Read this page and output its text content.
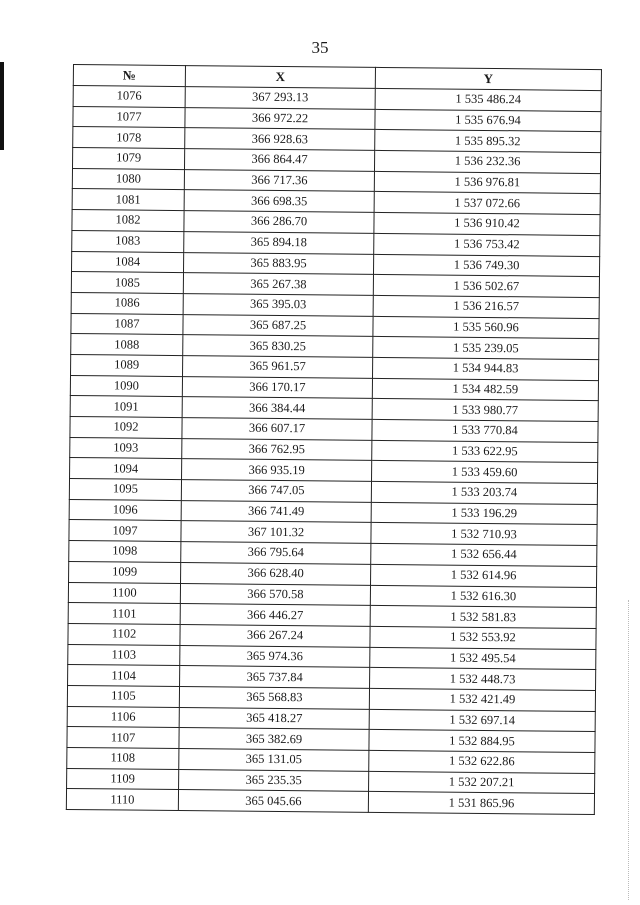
35
№	X	Y
1076	367 293.13	1 535 486.24
1077	366 972.22	1 535 676.94
1078	366 928.63	1 535 895.32
1079	366 864.47	1 536 232.36
1080	366 717.36	1 536 976.81
1081	366 698.35	1 537 072.66
1082	366 286.70	1 536 910.42
1083	365 894.18	1 536 753.42
1084	365 883.95	1 536 749.30
1085	365 267.38	1 536 502.67
1086	365 395.03	1 536 216.57
1087	365 687.25	1 535 560.96
1088	365 830.25	1 535 239.05
1089	365 961.57	1 534 944.83
1090	366 170.17	1 534 482.59
1091	366 384.44	1 533 980.77
1092	366 607.17	1 533 770.84
1093	366 762.95	1 533 622.95
1094	366 935.19	1 533 459.60
1095	366 747.05	1 533 203.74
1096	366 741.49	1 533 196.29
1097	367 101.32	1 532 710.93
1098	366 795.64	1 532 656.44
1099	366 628.40	1 532 614.96
1100	366 570.58	1 532 616.30
1101	366 446.27	1 532 581.83
1102	366 267.24	1 532 553.92
1103	365 974.36	1 532 495.54
1104	365 737.84	1 532 448.73
1105	365 568.83	1 532 421.49
1106	365 418.27	1 532 697.14
1107	365 382.69	1 532 884.95
1108	365 131.05	1 532 622.86
1109	365 235.35	1 532 207.21
1110	365 045.66	1 531 865.96
